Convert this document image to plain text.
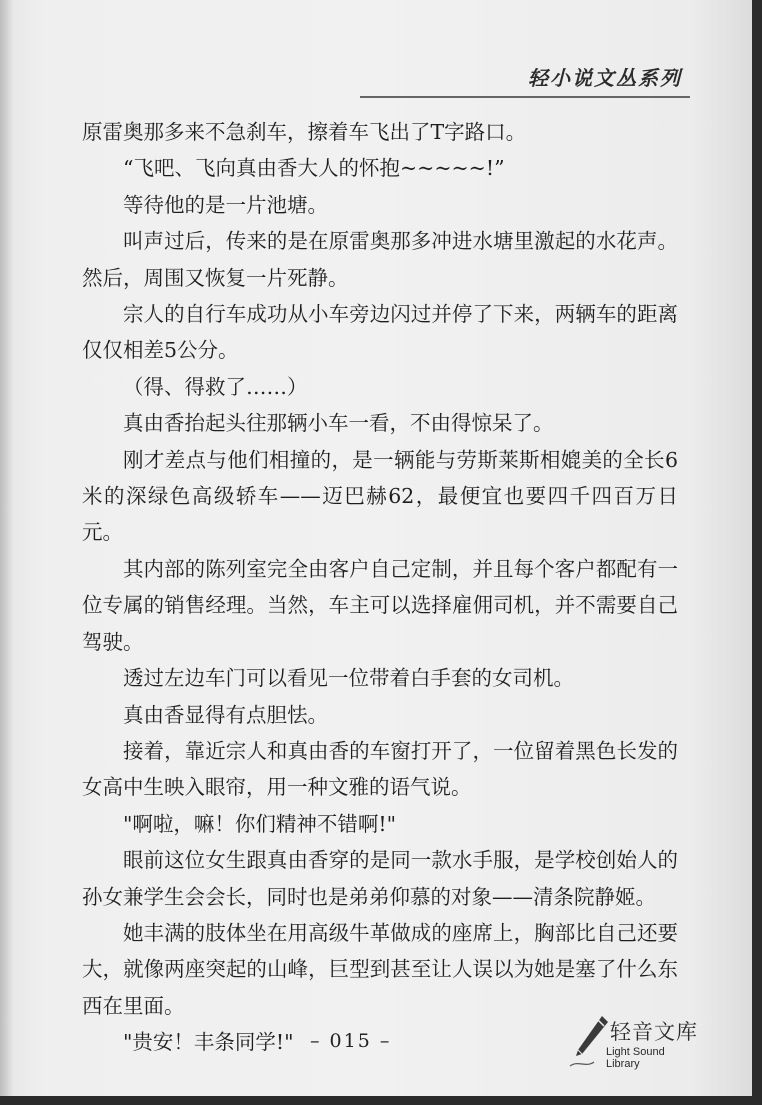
轻小说文丛系列

原雷奥那多来不急刹车，擦着车飞出了T字路口。

“飞吧、飞向真由香大人的怀抱~~~~~!”

等待他的是一片池塘。

叫声过后，传来的是在原雷奥那多冲进水塘里激起的水花声。然后，周围又恢复一片死静。

宗人的自行车成功从小车旁边闪过并停了下来，两辆车的距离仅仅相差5公分。

（得、得救了……）

真由香抬起头往那辆小车一看，不由得惊呆了。

刚才差点与他们相撞的，是一辆能与劳斯莱斯相媲美的全长6米的深绿色高级轿车——迈巴赫62，最便宜也要四千四百万日元。

其内部的陈列室完全由客户自己定制，并且每个客户都配有一位专属的销售经理。当然，车主可以选择雇佣司机，并不需要自己驾驶。

透过左边车门可以看见一位带着白手套的女司机。

真由香显得有点胆怯。

接着，靠近宗人和真由香的车窗打开了，一位留着黑色长发的女高中生映入眼帘，用一种文雅的语气说。

"啊啦，嘛！你们精神不错啊!"

眼前这位女生跟真由香穿的是同一款水手服，是学校创始人的孙女兼学生会会长，同时也是弟弟仰慕的对象——清条院静姬。

她丰满的肢体坐在用高级牛革做成的座席上，胸部比自己还要大，就像两座突起的山峰，巨型到甚至让人误以为她是塞了什么东西在里面。

"贵安！丰条同学!" – 015 –	轻音文库
Light Sound Library
